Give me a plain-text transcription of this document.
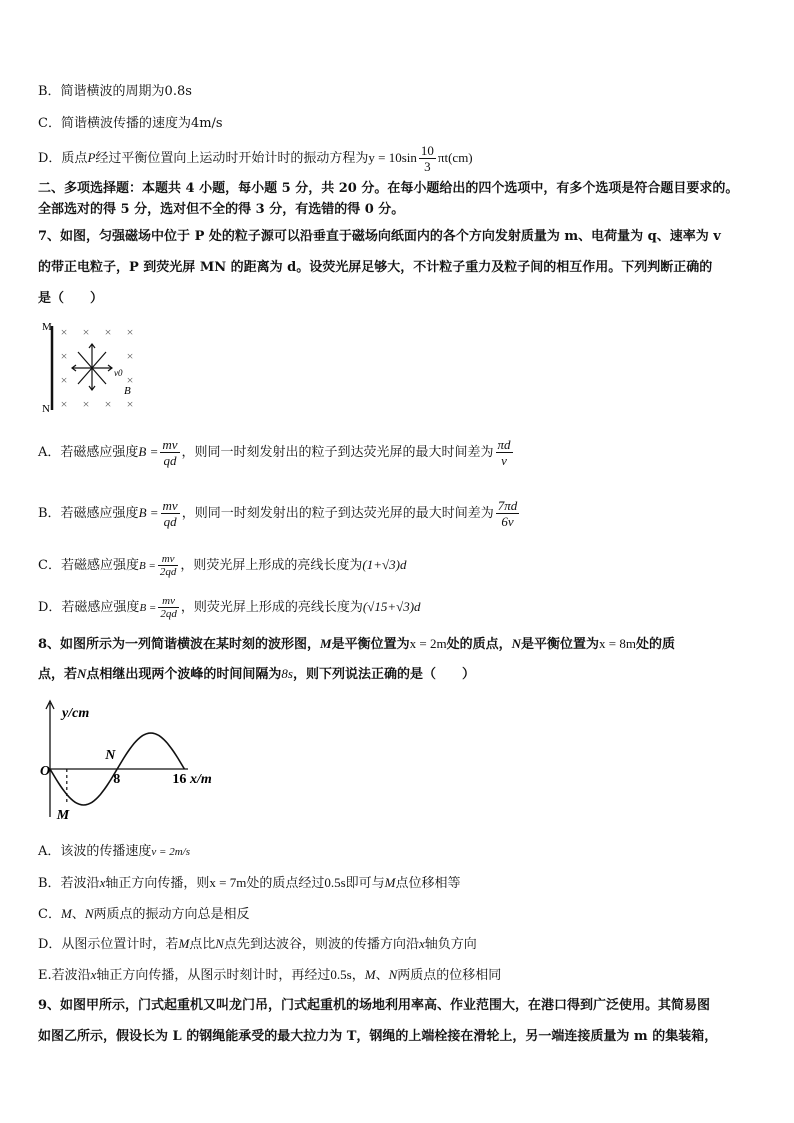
B．简谐横波的周期为0.8s
C．简谐横波传播的速度为4m/s
D．质点P经过平衡位置向上运动时开始计时的振动方程为$y = 10\sin \frac{10}{3} \pi t(cm)$
二、多项选择题：本题共 4 小题，每小题 5 分，共 20 分。在每小题给出的四个选项中，有多个选项是符合题目要求的。
全部选对的得 5 分，选对但不全的得 3 分，有选错的得 0 分。
7、如图，匀强磁场中位于 P 处的粒子源可以沿垂直于磁场向纸面内的各个方向发射质量为 m、电荷量为 q、速率为 v
的带正电粒子，P 到荧光屏 MN 的距离为 d。设荧光屏足够大，不计粒子重力及粒子间的相互作用。下列判断正确的
是（　　）
M
N
× × × ×
×	×
×	×
× × × ×
v0
B
A．若磁感应强度$B = \frac{mv}{qd}$ ，则同一时刻发射出的粒子到达荧光屏的最大时间差为 $\frac{\pi d}{v}$
B．若磁感应强度$B = \frac{mv}{qd}$ ，则同一时刻发射出的粒子到达荧光屏的最大时间差为 $\frac{7\pi d}{6v}$
C．若磁感应强度$B = \frac{mv}{2qd}$ ，则荧光屏上形成的亮线长度为(1+√3)d
D．若磁感应强度$B = \frac{mv}{2qd}$ ，则荧光屏上形成的亮线长度为(√15+√3)d
8、如图所示为一列简谐横波在某时刻的波形图，M是平衡位置为x = 2m处的质点，N是平衡位置为x = 8m处的质
点，若N点相继出现两个波峰的时间间隔为8s，则下列说法正确的是（　　）
y/cm
O
8	16 x/m
N
M
A．该波的传播速度v = 2m/s
B．若波沿x轴正方向传播，则x = 7m处的质点经过0.5s即可与M点位移相等
C．M、N两质点的振动方向总是相反
D．从图示位置计时，若M点比N点先到达波谷，则波的传播方向沿x轴负方向
E.若波沿x轴正方向传播，从图示时刻计时，再经过0.5s，M、N两质点的位移相同
9、如图甲所示，门式起重机又叫龙门吊，门式起重机的场地利用率高、作业范围大，在港口得到广泛使用。其简易图
如图乙所示，假设长为 L 的钢绳能承受的最大拉力为 T，钢绳的上端栓接在滑轮上，另一端连接质量为 m 的集装箱，
